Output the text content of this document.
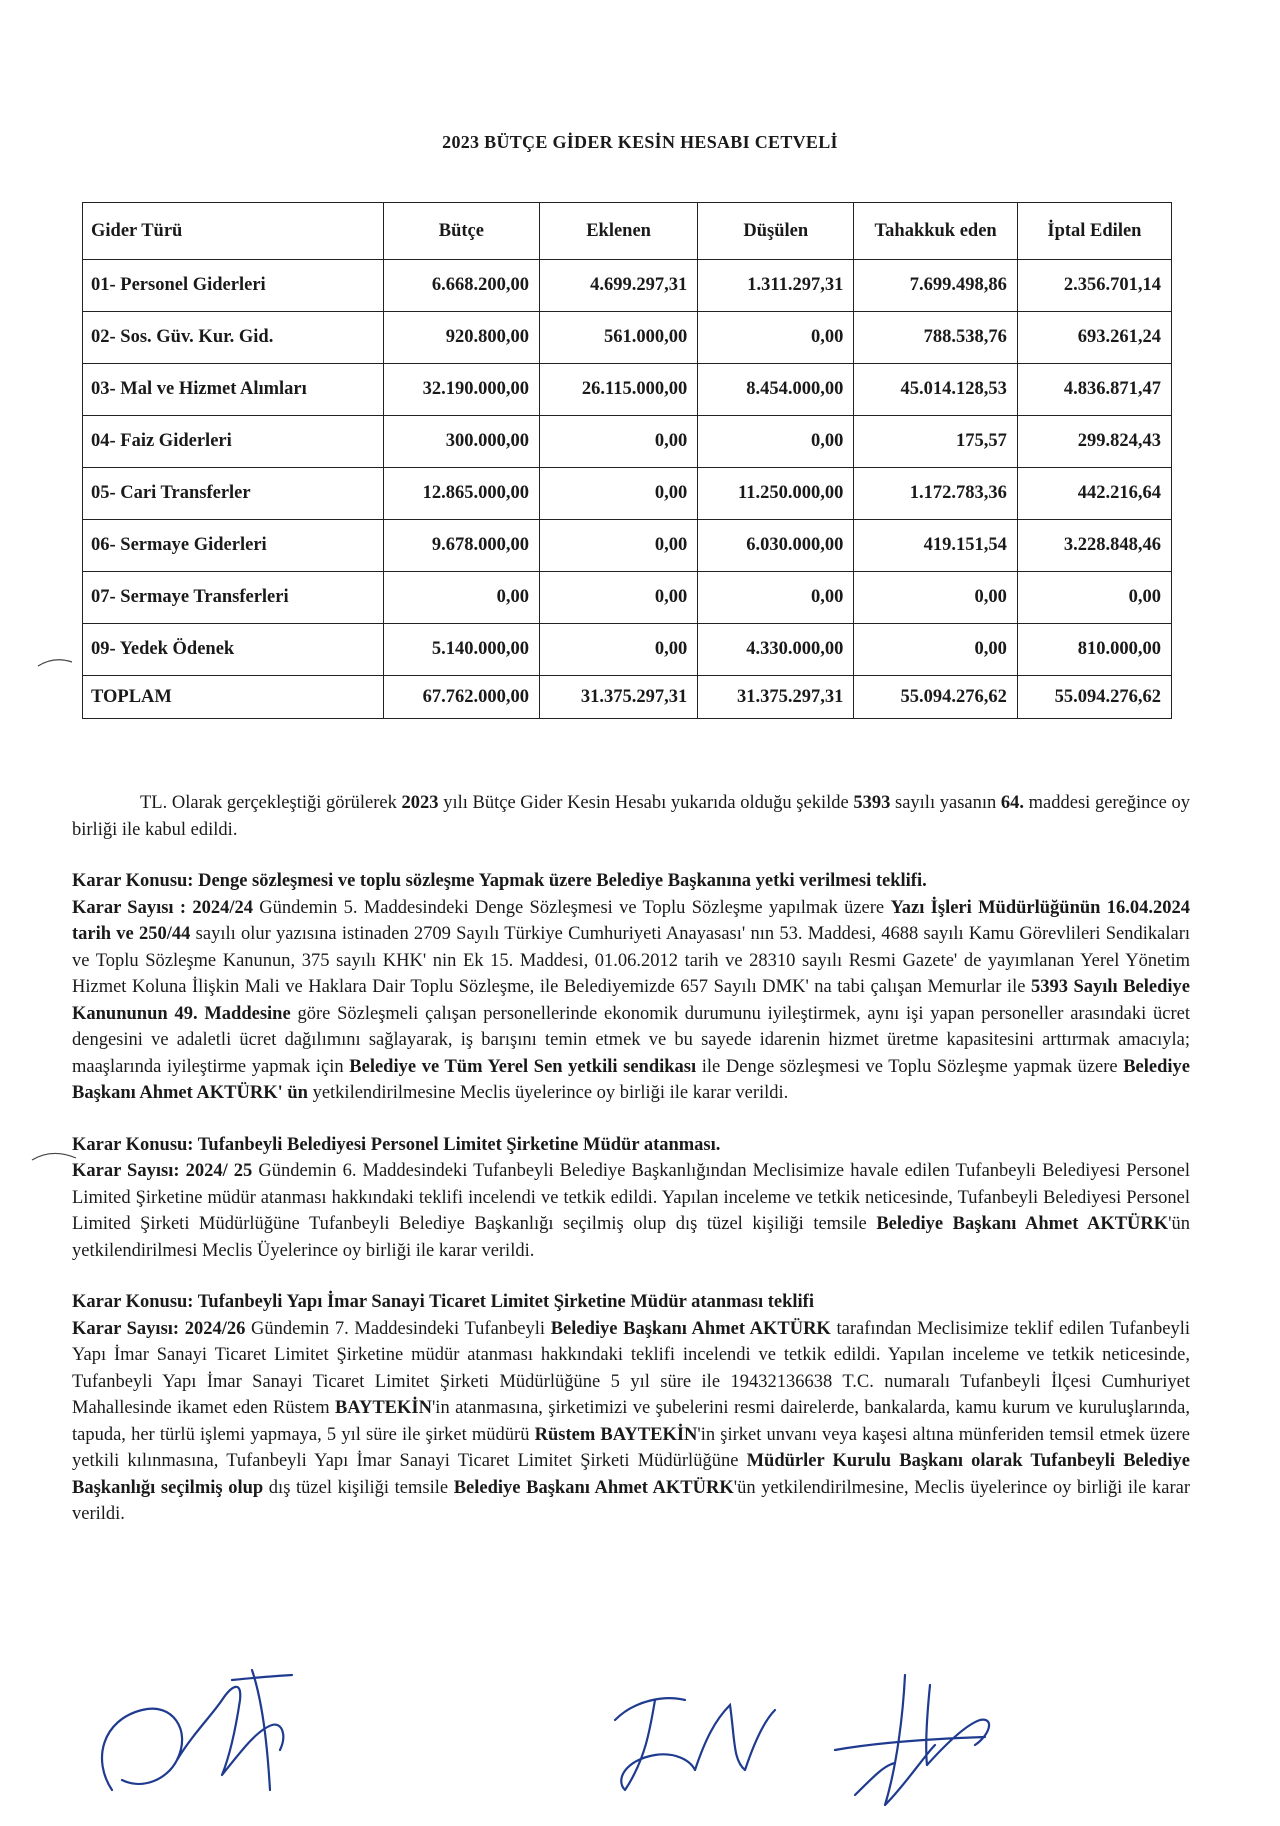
2023 BÜTÇE GİDER KESİN HESABI CETVELİ
Gider Türü	Bütçe	Eklenen	Düşülen	Tahakkuk eden	İptal Edilen
01- Personel Giderleri	6.668.200,00	4.699.297,31	1.311.297,31	7.699.498,86	2.356.701,14
02- Sos. Güv. Kur. Gid.	920.800,00	561.000,00	0,00	788.538,76	693.261,24
03- Mal ve Hizmet Alımları	32.190.000,00	26.115.000,00	8.454.000,00	45.014.128,53	4.836.871,47
04- Faiz Giderleri	300.000,00	0,00	0,00	175,57	299.824,43
05- Cari Transferler	12.865.000,00	0,00	11.250.000,00	1.172.783,36	442.216,64
06- Sermaye Giderleri	9.678.000,00	0,00	6.030.000,00	419.151,54	3.228.848,46
07- Sermaye Transferleri	0,00	0,00	0,00	0,00	0,00
09- Yedek Ödenek	5.140.000,00	0,00	4.330.000,00	0,00	810.000,00
TOPLAM	67.762.000,00	31.375.297,31	31.375.297,31	55.094.276,62	55.094.276,62

TL. Olarak gerçekleştiği görülerek 2023 yılı Bütçe Gider Kesin Hesabı yukarıda olduğu şekilde 5393 sayılı yasanın 64. maddesi gereğince oy birliği ile kabul edildi.

Karar Konusu: Denge sözleşmesi ve toplu sözleşme Yapmak üzere Belediye Başkanına yetki verilmesi teklifi.

Karar Sayısı : 2024/24 Gündemin 5. Maddesindeki Denge Sözleşmesi ve Toplu Sözleşme yapılmak üzere Yazı İşleri Müdürlüğünün 16.04.2024 tarih ve 250/44 sayılı olur yazısına istinaden 2709 Sayılı Türkiye Cumhuriyeti Anayasası' nın 53. Maddesi, 4688 sayılı Kamu Görevlileri Sendikaları ve Toplu Sözleşme Kanunun, 375 sayılı KHK' nin Ek 15. Maddesi, 01.06.2012 tarih ve 28310 sayılı Resmi Gazete' de yayımlanan Yerel Yönetim Hizmet Koluna İlişkin Mali ve Haklara Dair Toplu Sözleşme, ile Belediyemizde 657 Sayılı DMK' na tabi çalışan Memurlar ile 5393 Sayılı Belediye Kanununun 49. Maddesine göre Sözleşmeli çalışan personellerinde ekonomik durumunu iyileştirmek, aynı işi yapan personeller arasındaki ücret dengesini ve adaletli ücret dağılımını sağlayarak, iş barışını temin etmek ve bu sayede idarenin hizmet üretme kapasitesini arttırmak amacıyla; maaşlarında iyileştirme yapmak için Belediye ve Tüm Yerel Sen yetkili sendikası ile Denge sözleşmesi ve Toplu Sözleşme yapmak üzere Belediye Başkanı Ahmet AKTÜRK' ün yetkilendirilmesine Meclis üyelerince oy birliği ile karar verildi.

Karar Konusu: Tufanbeyli Belediyesi Personel Limitet Şirketine Müdür atanması.

Karar Sayısı: 2024/ 25 Gündemin 6. Maddesindeki Tufanbeyli Belediye Başkanlığından Meclisimize havale edilen Tufanbeyli Belediyesi Personel Limited Şirketine müdür atanması hakkındaki teklifi incelendi ve tetkik edildi. Yapılan inceleme ve tetkik neticesinde, Tufanbeyli Belediyesi Personel Limited Şirketi Müdürlüğüne Tufanbeyli Belediye Başkanlığı seçilmiş olup dış tüzel kişiliği temsile Belediye Başkanı Ahmet AKTÜRK'ün yetkilendirilmesi Meclis Üyelerince oy birliği ile karar verildi.

Karar Konusu: Tufanbeyli Yapı İmar Sanayi Ticaret Limitet Şirketine Müdür atanması teklifi

Karar Sayısı: 2024/26 Gündemin 7. Maddesindeki Tufanbeyli Belediye Başkanı Ahmet AKTÜRK tarafından Meclisimize teklif edilen Tufanbeyli Yapı İmar Sanayi Ticaret Limitet Şirketine müdür atanması hakkındaki teklifi incelendi ve tetkik edildi. Yapılan inceleme ve tetkik neticesinde, Tufanbeyli Yapı İmar Sanayi Ticaret Limitet Şirketi Müdürlüğüne 5 yıl süre ile 19432136638 T.C. numaralı Tufanbeyli İlçesi Cumhuriyet Mahallesinde ikamet eden Rüstem BAYTEKİN'in atanmasına, şirketimizi ve şubelerini resmi dairelerde, bankalarda, kamu kurum ve kuruluşlarında, tapuda, her türlü işlemi yapmaya, 5 yıl süre ile şirket müdürü Rüstem BAYTEKİN'in şirket unvanı veya kaşesi altına münferiden temsil etmek üzere yetkili kılınmasına, Tufanbeyli Yapı İmar Sanayi Ticaret Limitet Şirketi Müdürlüğüne Müdürler Kurulu Başkanı olarak Tufanbeyli Belediye Başkanlığı seçilmiş olup dış tüzel kişiliği temsile Belediye Başkanı Ahmet AKTÜRK'ün yetkilendirilmesine, Meclis üyelerince oy birliği ile karar verildi.
